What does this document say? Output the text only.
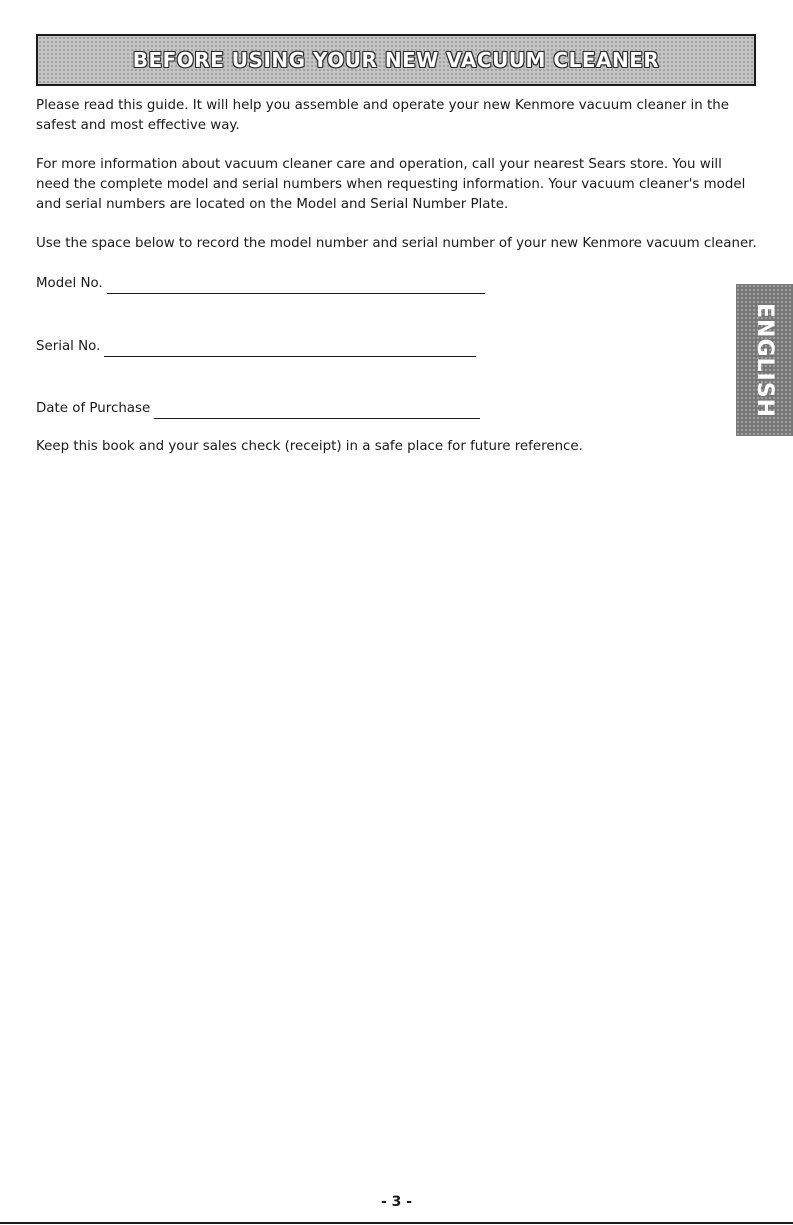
BEFORE USING YOUR NEW VACUUM CLEANER

Please read this guide. It will help you assemble and operate your new Kenmore vacuum cleaner in the safest and most effective way.

For more information about vacuum cleaner care and operation, call your nearest Sears store. You will need the complete model and serial numbers when requesting information. Your vacuum cleaner's model and serial numbers are located on the Model and Serial Number Plate.

Use the space below to record the model number and serial number of your new Kenmore vacuum cleaner.

Model No.
Serial No.
Date of Purchase

Keep this book and your sales check (receipt) in a safe place for future reference.

ENGLISH
- 3 -
